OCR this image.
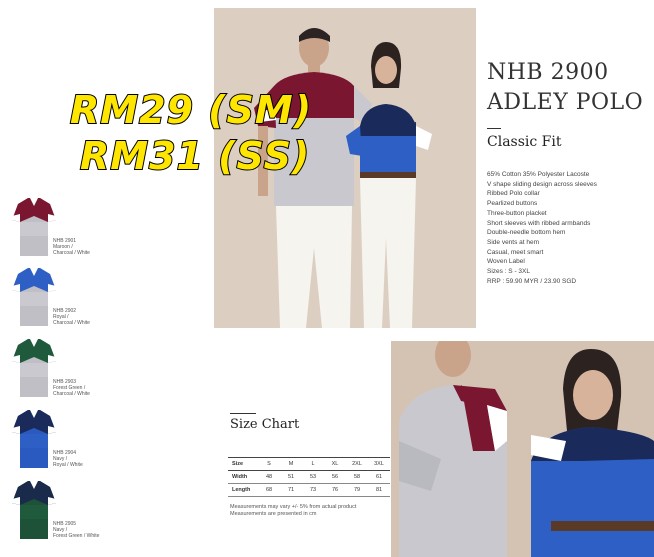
RM29 (SM)
RM31 (SS)
NHB 2900
ADLEY POLO
Classic Fit
65% Cotton 35% Polyester Lacoste
V shape sliding design across sleeves
Ribbed Polo collar
Pearlized buttons
Three-button placket
Short sleeves with ribbed armbands
Double-needle bottom hem
Side vents at hem
Casual, meet smart
Woven Label
Sizes : S - 3XL
RRP : 59.90 MYR / 23.90 SGD
NHB 2901
Maroon /
Charcoal / White
NHB 2902
Royal /
Charcoal / White
NHB 2903
Forest Green /
Charcoal / White
NHB 2904
Navy /
Royal / White
NHB 2905
Navy /
Forest Green / White
Size Chart
Size	S	M	L	XL	2XL	3XL
Width	48	51	53	56	58	61
Length	68	71	73	76	79	81
Measurements may vary +/- 5% from actual product
Measurements are presented in cm
